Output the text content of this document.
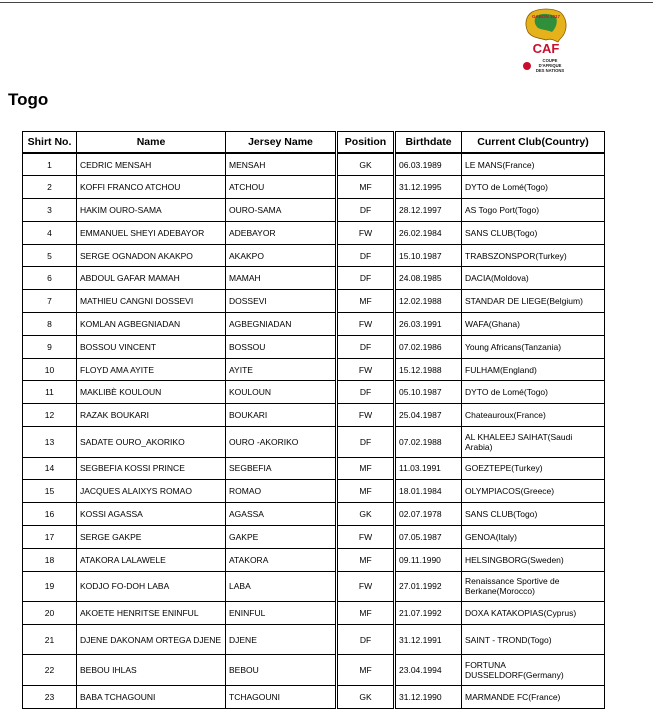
GABON 2017
CAF
COUPE
D'AFRIQUE
DES NATIONS
Togo
Shirt No.	Name	Jersey Name	Position	Birthdate	Current Club(Country)
1	CEDRIC MENSAH	MENSAH	GK	06.03.1989	LE MANS(France)
2	KOFFI FRANCO ATCHOU	ATCHOU	MF	31.12.1995	DYTO de Lomé(Togo)
3	HAKIM OURO-SAMA	OURO-SAMA	DF	28.12.1997	AS Togo Port(Togo)
4	EMMANUEL SHEYI ADEBAYOR	ADEBAYOR	FW	26.02.1984	SANS CLUB(Togo)
5	SERGE OGNADON AKAKPO	AKAKPO	DF	15.10.1987	TRABSZONSPOR(Turkey)
6	ABDOUL GAFAR MAMAH	MAMAH	DF	24.08.1985	DACIA(Moldova)
7	MATHIEU CANGNI DOSSEVI	DOSSEVI	MF	12.02.1988	STANDAR DE LIEGE(Belgium)
8	KOMLAN AGBEGNIADAN	AGBEGNIADAN	FW	26.03.1991	WAFA(Ghana)
9	BOSSOU VINCENT	BOSSOU	DF	07.02.1986	Young Africans(Tanzania)
10	FLOYD AMA AYITE	AYITE	FW	15.12.1988	FULHAM(England)
11	MAKLIBÈ KOULOUN	KOULOUN	DF	05.10.1987	DYTO de Lomé(Togo)
12	RAZAK BOUKARI	BOUKARI	FW	25.04.1987	Chateauroux(France)
13	SADATE OURO_AKORIKO	OURO -AKORIKO	DF	07.02.1988	AL KHALEEJ SAIHAT(Saudi Arabia)
14	SEGBEFIA KOSSI PRINCE	SEGBEFIA	MF	11.03.1991	GOEZTEPE(Turkey)
15	JACQUES ALAIXYS ROMAO	ROMAO	MF	18.01.1984	OLYMPIACOS(Greece)
16	KOSSI AGASSA	AGASSA	GK	02.07.1978	SANS CLUB(Togo)
17	SERGE GAKPE	GAKPE	FW	07.05.1987	GENOA(Italy)
18	ATAKORA LALAWELE	ATAKORA	MF	09.11.1990	HELSINGBORG(Sweden)
19	KODJO FO-DOH LABA	LABA	FW	27.01.1992	Renaissance Sportive de Berkane(Morocco)
20	AKOETE HENRITSE ENINFUL	ENINFUL	MF	21.07.1992	DOXA KATAKOPIAS(Cyprus)
21	DJENE DAKONAM ORTEGA DJENE	DJENE	DF	31.12.1991	SAINT - TROND(Togo)
22	BEBOU IHLAS	BEBOU	MF	23.04.1994	FORTUNA DUSSELDORF(Germany)
23	BABA TCHAGOUNI	TCHAGOUNI	GK	31.12.1990	MARMANDE FC(France)
